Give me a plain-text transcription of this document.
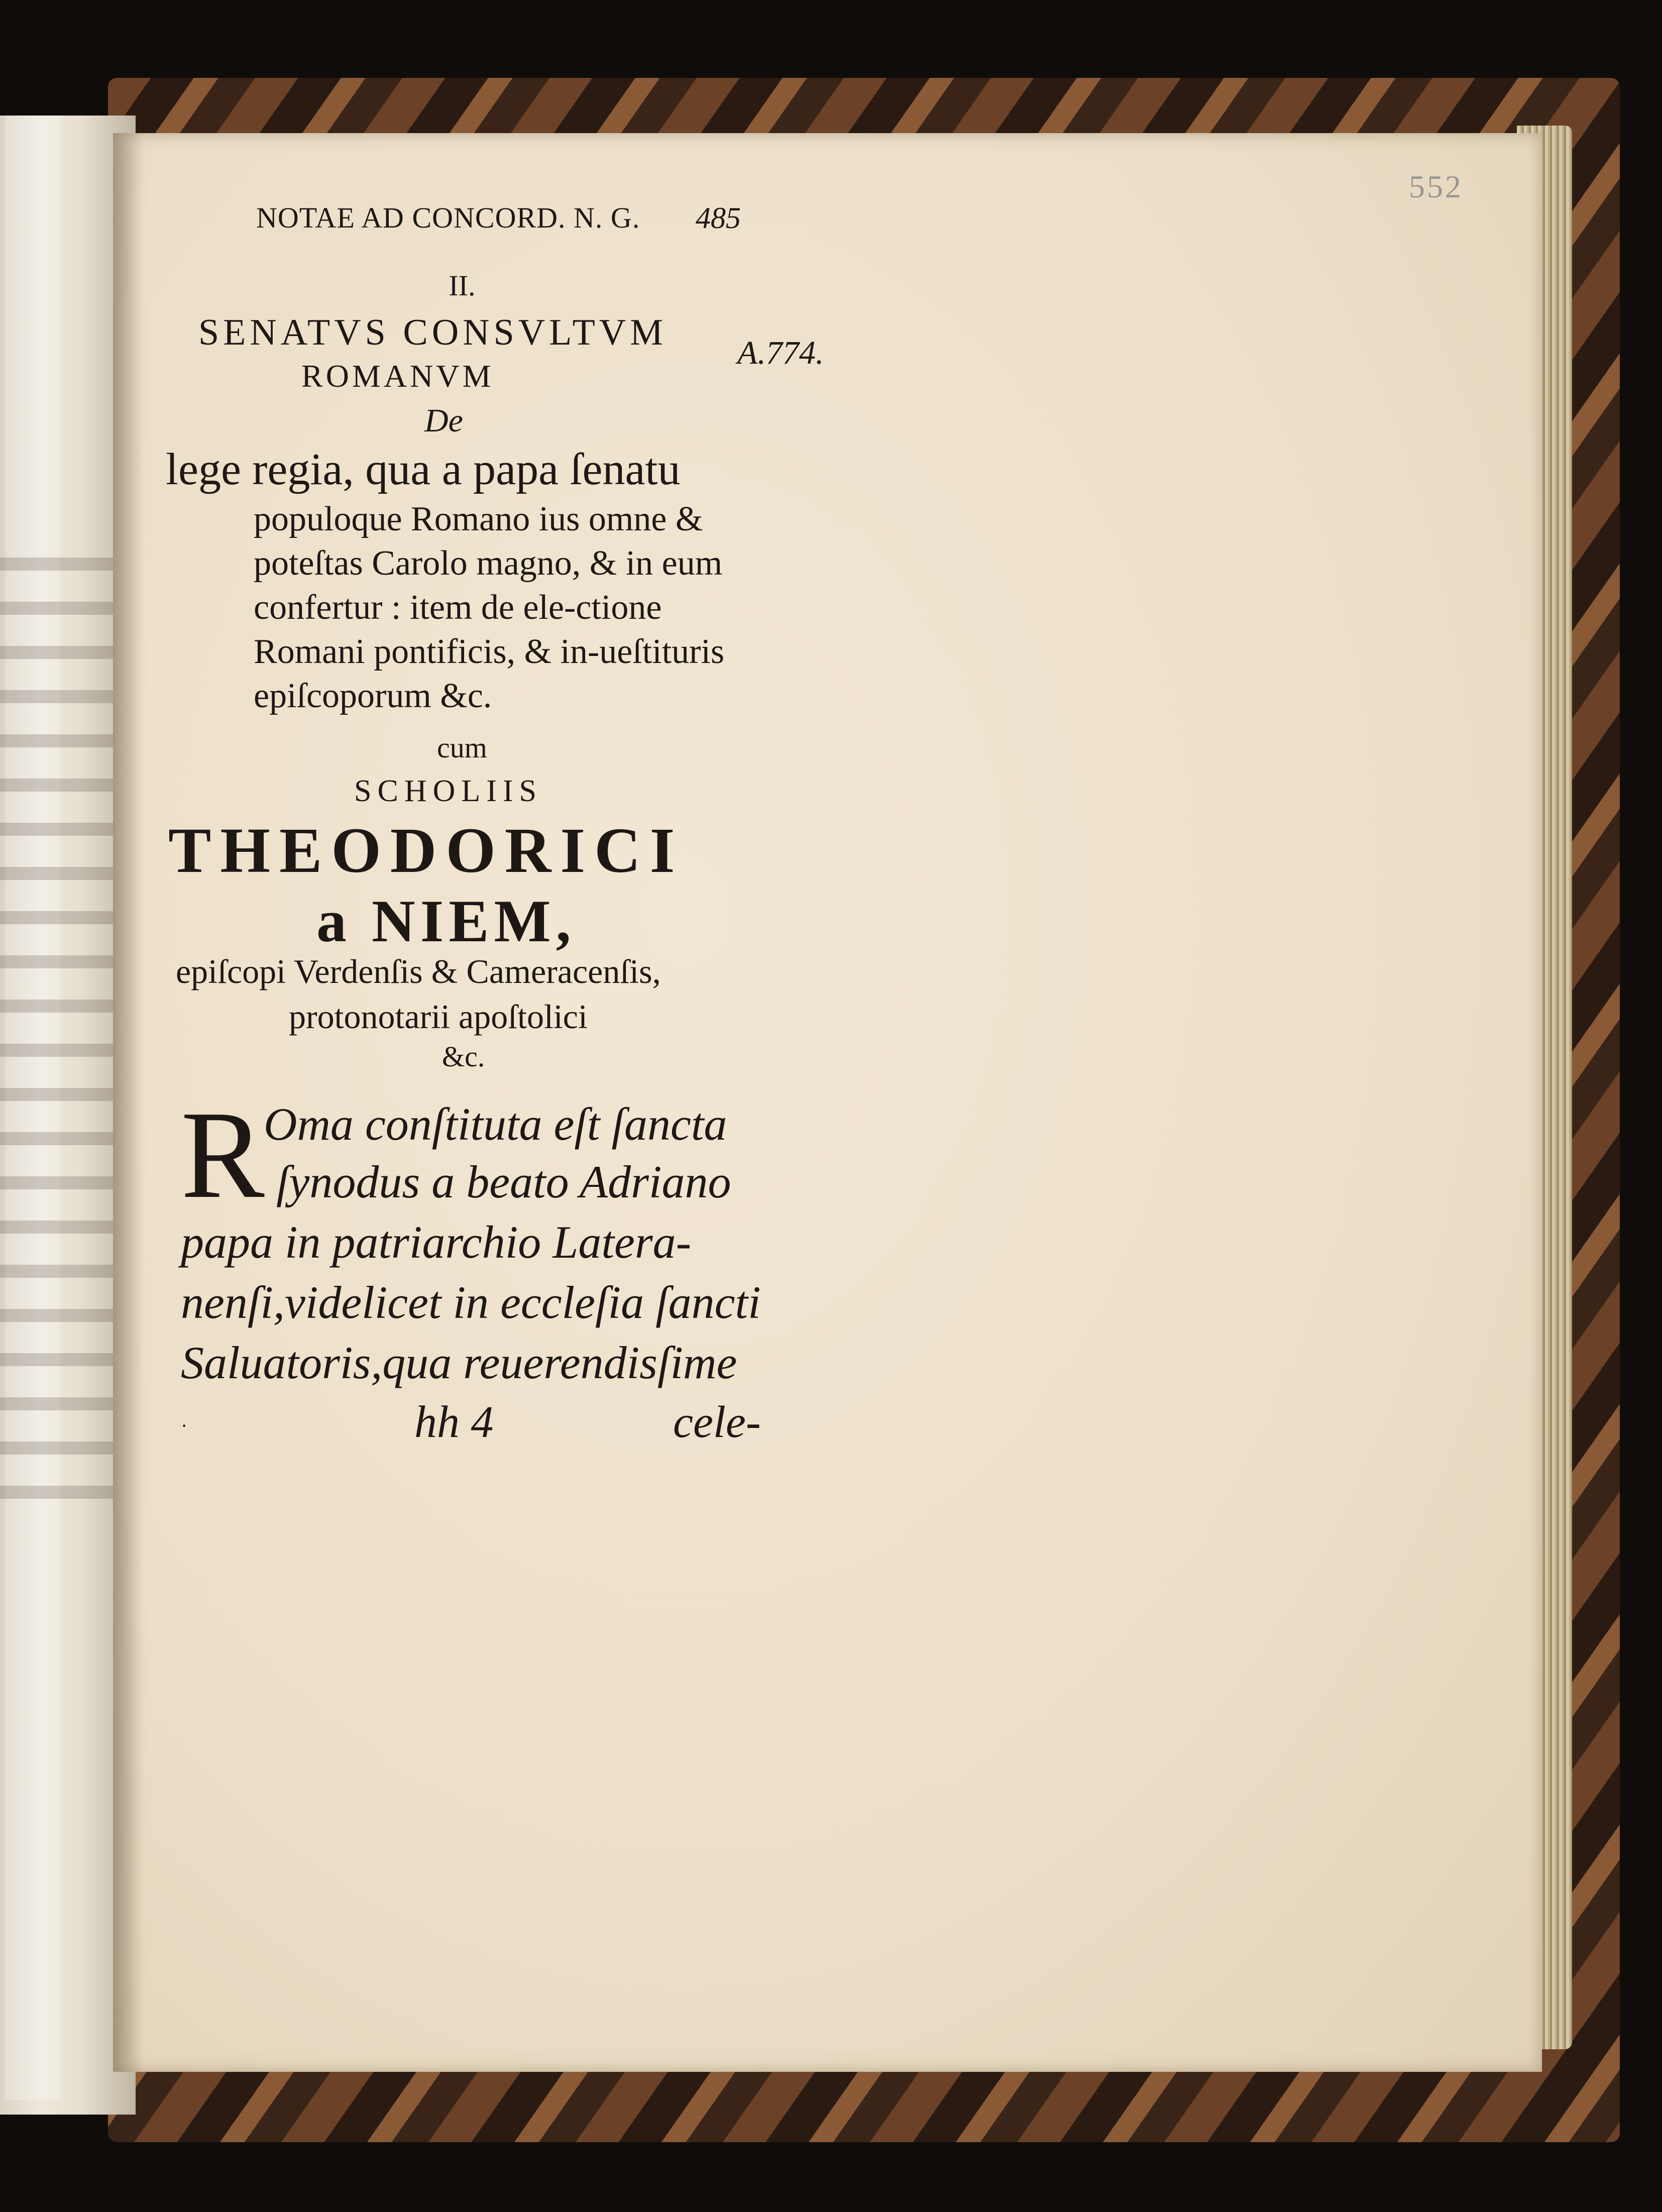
NOTAE AD CONCORD. N. G. 485
552
A.774.
II.
SENATVS CONSVLTVM
ROMANVM
De
lege regia, qua a papa ſenatu
populoque Romano ius omne & poteſtas Carolo magno, & in eum confertur : item de ele-ctione Romani pontificis, & in-ueſtituris epiſcoporum &c.
cum
SCHOLIIS
THEODORICI
a NIEM,
epiſcopi Verdenſis & Cameracenſis,
protonotarii apoſtolici
&c.
R
Oma conſtituta eſt ſancta
ſynodus a beato Adriano
papa in patriarchio Latera-
nenſi,videlicet in eccleſia ſancti
Saluatoris,qua reuerendisſime
·	hh 4	cele-
